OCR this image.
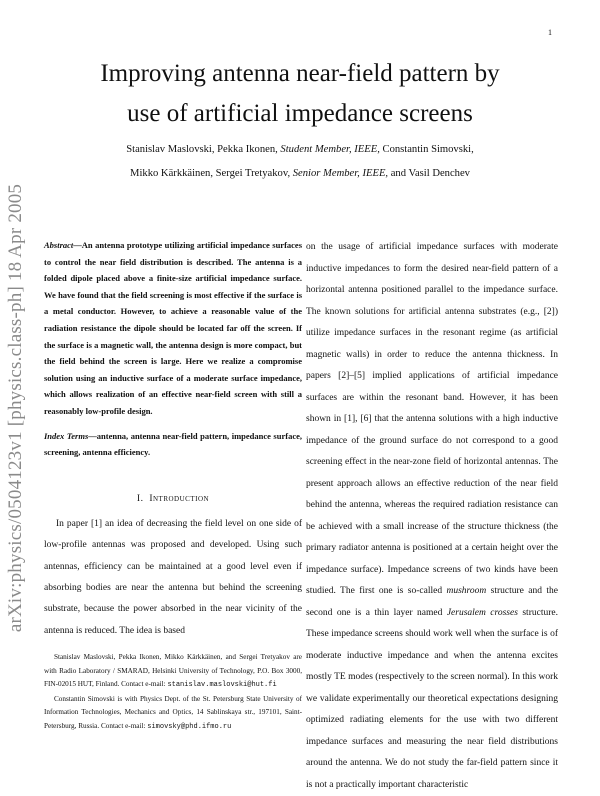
1
arXiv:physics/0504123v1 [physics.class-ph] 18 Apr 2005
Improving antenna near-field pattern by
use of artificial impedance screens
Stanislav Maslovski, Pekka Ikonen, Student Member, IEEE, Constantin Simovski,
Mikko Kärkkäinen, Sergei Tretyakov, Senior Member, IEEE, and Vasil Denchev

Abstract—An antenna prototype utilizing artificial impedance surfaces to control the near field distribution is described. The antenna is a folded dipole placed above a finite-size artificial impedance surface. We have found that the field screening is most effective if the surface is a metal conductor. However, to achieve a reasonable value of the radiation resistance the dipole should be located far off the screen. If the surface is a magnetic wall, the antenna design is more compact, but the field behind the screen is large. Here we realize a compromise solution using an inductive surface of a moderate surface impedance, which allows realization of an effective near-field screen with still a reasonably low-profile design.

Index Terms—antenna, antenna near-field pattern, impedance surface, screening, antenna efficiency.

I. Introduction

In paper [1] an idea of decreasing the field level on one side of low-profile antennas was proposed and developed. Using such antennas, efficiency can be maintained at a good level even if absorbing bodies are near the antenna but behind the screening substrate, because the power absorbed in the near vicinity of the antenna is reduced. The idea is based

Stanislav Maslovski, Pekka Ikonen, Mikko Kärkkäinen, and Sergei Tretyakov are with Radio Laboratory / SMARAD, Helsinki University of Technology, P.O. Box 3000, FIN-02015 HUT, Finland. Contact e-mail: stanislav.maslovski@hut.fi

Constantin Simovski is with Physics Dept. of the St. Petersburg State University of Information Technologies, Mechanics and Optics, 14 Sablinskaya str., 197101, Saint-Petersburg, Russia. Contact e-mail: simovsky@phd.ifmo.ru

on the usage of artificial impedance surfaces with moderate inductive impedances to form the desired near-field pattern of a horizontal antenna positioned parallel to the impedance surface. The known solutions for artificial antenna substrates (e.g., [2]) utilize impedance surfaces in the resonant regime (as artificial magnetic walls) in order to reduce the antenna thickness. In papers [2]–[5] implied applications of artificial impedance surfaces are within the resonant band. However, it has been shown in [1], [6] that the antenna solutions with a high inductive impedance of the ground surface do not correspond to a good screening effect in the near-zone field of horizontal antennas. The present approach allows an effective reduction of the near field behind the antenna, whereas the required radiation resistance can be achieved with a small increase of the structure thickness (the primary radiator antenna is positioned at a certain height over the impedance surface). Impedance screens of two kinds have been studied. The first one is so-called mushroom structure and the second one is a thin layer named Jerusalem crosses structure. These impedance screens should work well when the surface is of moderate inductive impedance and when the antenna excites mostly TE modes (respectively to the screen normal). In this work we validate experimentally our theoretical expectations designing optimized radiating elements for the use with two different impedance surfaces and measuring the near field distributions around the antenna. We do not study the far-field pattern since it is not a practically important characteristic
